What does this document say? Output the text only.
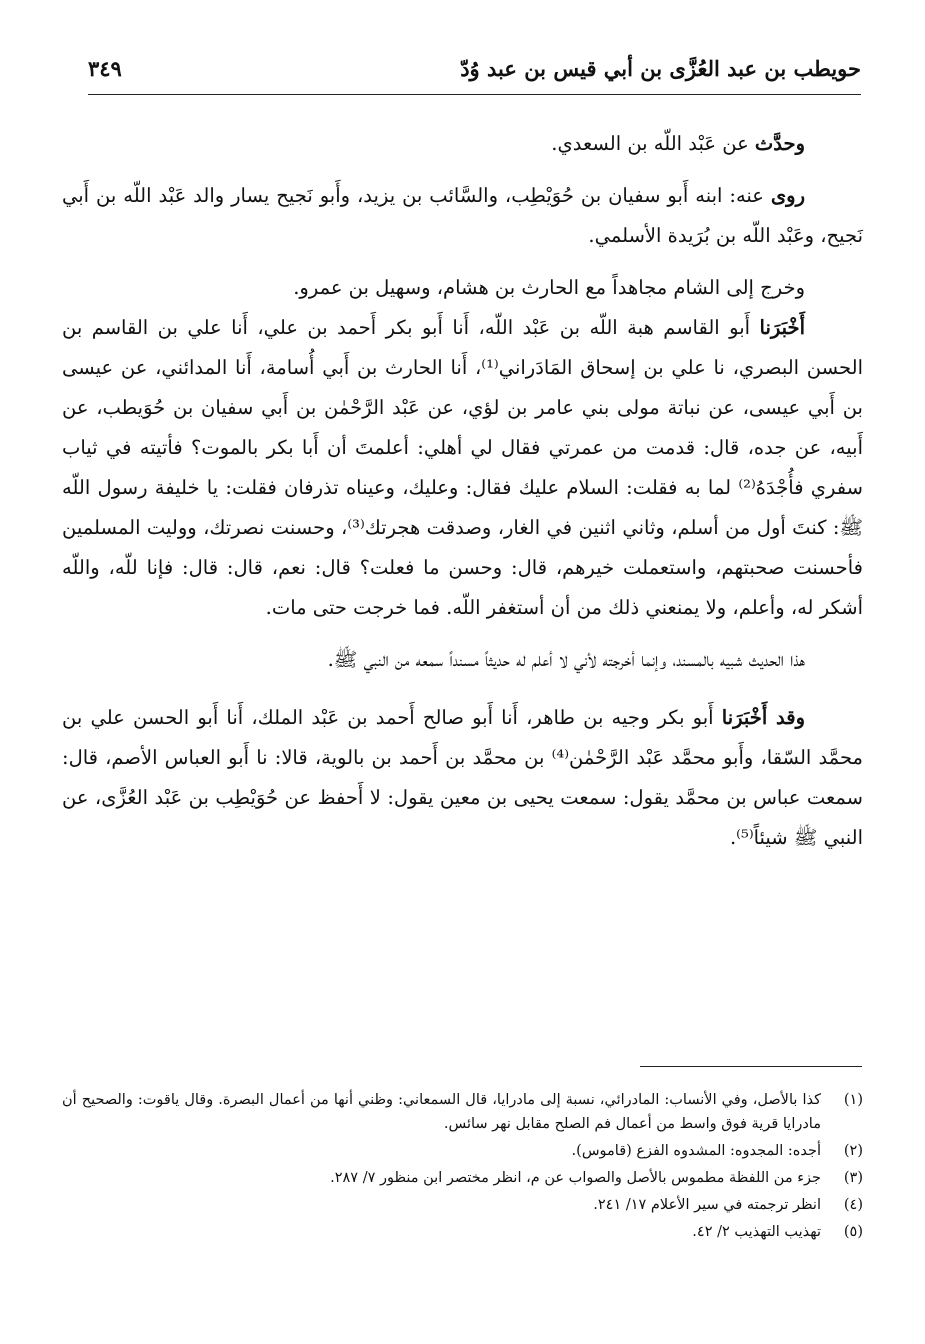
حويطب بن عبد العُزَّى بن أبي قيس بن عبد وُدّ
٣٤٩

وحدَّث عن عَبْد اللّه بن السعدي.

روى عنه: ابنه أَبو سفيان بن حُوَيْطِب، والسَّائب بن يزيد، وأَبو نَجيح يسار والد عَبْد اللّه بن أَبي نَجيح، وعَبْد اللّه بن بُرَيدة الأسلمي.

وخرج إلى الشام مجاهداً مع الحارث بن هشام، وسهيل بن عمرو.

أَخْبَرَنا أَبو القاسم هبة اللّه بن عَبْد اللّه، أَنا أَبو بكر أَحمد بن علي، أَنا علي بن القاسم بن الحسن البصري، نا علي بن إسحاق المَادَراني⁽¹⁾، أَنا الحارث بن أَبي أُسامة، أَنا المدائني، عن عيسى بن أَبي عيسى، عن نباتة مولى بني عامر بن لؤي، عن عَبْد الرَّحْمٰن بن أَبي سفيان بن حُوَيطب، عن أَبيه، عن جده، قال: قدمت من عمرتي فقال لي أهلي: أعلمتَ أن أَبا بكر بالموت؟ فأتيته في ثياب سفري فأُجْدَهُ⁽²⁾ لما به فقلت: السلام عليك فقال: وعليك، وعيناه تذرفان فقلت: يا خليفة رسول اللّه ﷺ: كنتَ أول من أسلم، وثاني اثنين في الغار، وصدقت هجرتك⁽³⁾، وحسنت نصرتك، ووليت المسلمين فأحسنت صحبتهم، واستعملت خيرهم، قال: وحسن ما فعلت؟ قال: نعم، قال: قال: فإنا للّه، واللّه أشكر له، وأعلم، ولا يمنعني ذلك من أن أستغفر اللّه. فما خرجت حتى مات.

هذا الحديث شبيه بالمسند، وإنما أخرجته لأني لا أعلم له حديثاً مسنداً سمعه من النبي ﷺ.

وقد أَخْبَرَنا أَبو بكر وجيه بن طاهر، أَنا أَبو صالح أَحمد بن عَبْد الملك، أَنا أَبو الحسن علي بن محمَّد السّقا، وأَبو محمَّد عَبْد الرَّحْمٰن⁽⁴⁾ بن محمَّد بن أَحمد بن بالوية، قالا: نا أَبو العباس الأصم، قال: سمعت عباس بن محمَّد يقول: سمعت يحيى بن معين يقول: لا أَحفظ عن حُوَيْطِب بن عَبْد العُزَّى، عن النبي ﷺ شيئاً⁽⁵⁾.

(١)
كذا بالأصل، وفي الأنساب: المادرائي، نسبة إلى مادرايا، قال السمعاني: وظني أنها من أعمال البصرة. وقال ياقوت: والصحيح أن مادرايا قرية فوق واسط من أعمال فم الصلح مقابل نهر سائس.
(٢)
أجده: المجدوه: المشدوه الفزع (قاموس).
(٣)
جزء من اللفظة مطموس بالأصل والصواب عن م، انظر مختصر ابن منظور ٧/ ٢٨٧.
(٤)
انظر ترجمته في سير الأعلام ١٧/ ٢٤١.
(٥)
تهذيب التهذيب ٢/ ٤٢.
